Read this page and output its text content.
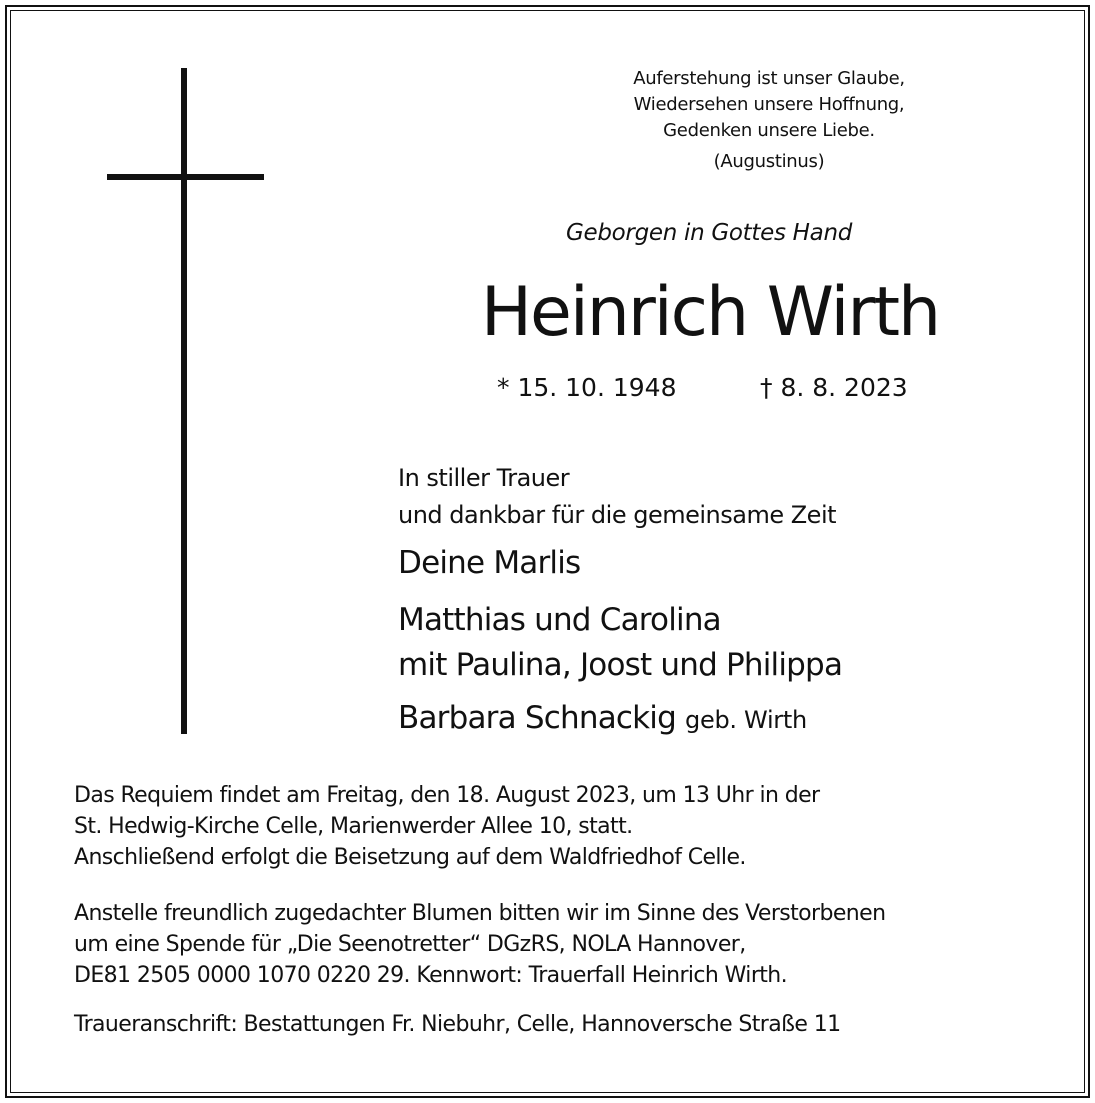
Auferstehung ist unser Glaube,
Wiedersehen unsere Hoffnung,
Gedenken unsere Liebe.
(Augustinus)
Geborgen in Gottes Hand
Heinrich Wirth
* 15. 10. 1948	† 8. 8. 2023
In stiller Trauer
und dankbar für die gemeinsame Zeit
Deine Marlis
Matthias und Carolina
mit Paulina, Joost und Philippa
Barbara Schnackig geb. Wirth
Das Requiem findet am Freitag, den 18. August 2023, um 13 Uhr in der
St. Hedwig-Kirche Celle, Marienwerder Allee 10, statt.
Anschließend erfolgt die Beisetzung auf dem Waldfriedhof Celle.
Anstelle freundlich zugedachter Blumen bitten wir im Sinne des Verstorbenen
um eine Spende für „Die Seenotretter“ DGzRS, NOLA Hannover,
DE81 2505 0000 1070 0220 29. Kennwort: Trauerfall Heinrich Wirth.
Traueranschrift: Bestattungen Fr. Niebuhr, Celle, Hannoversche Straße 11
